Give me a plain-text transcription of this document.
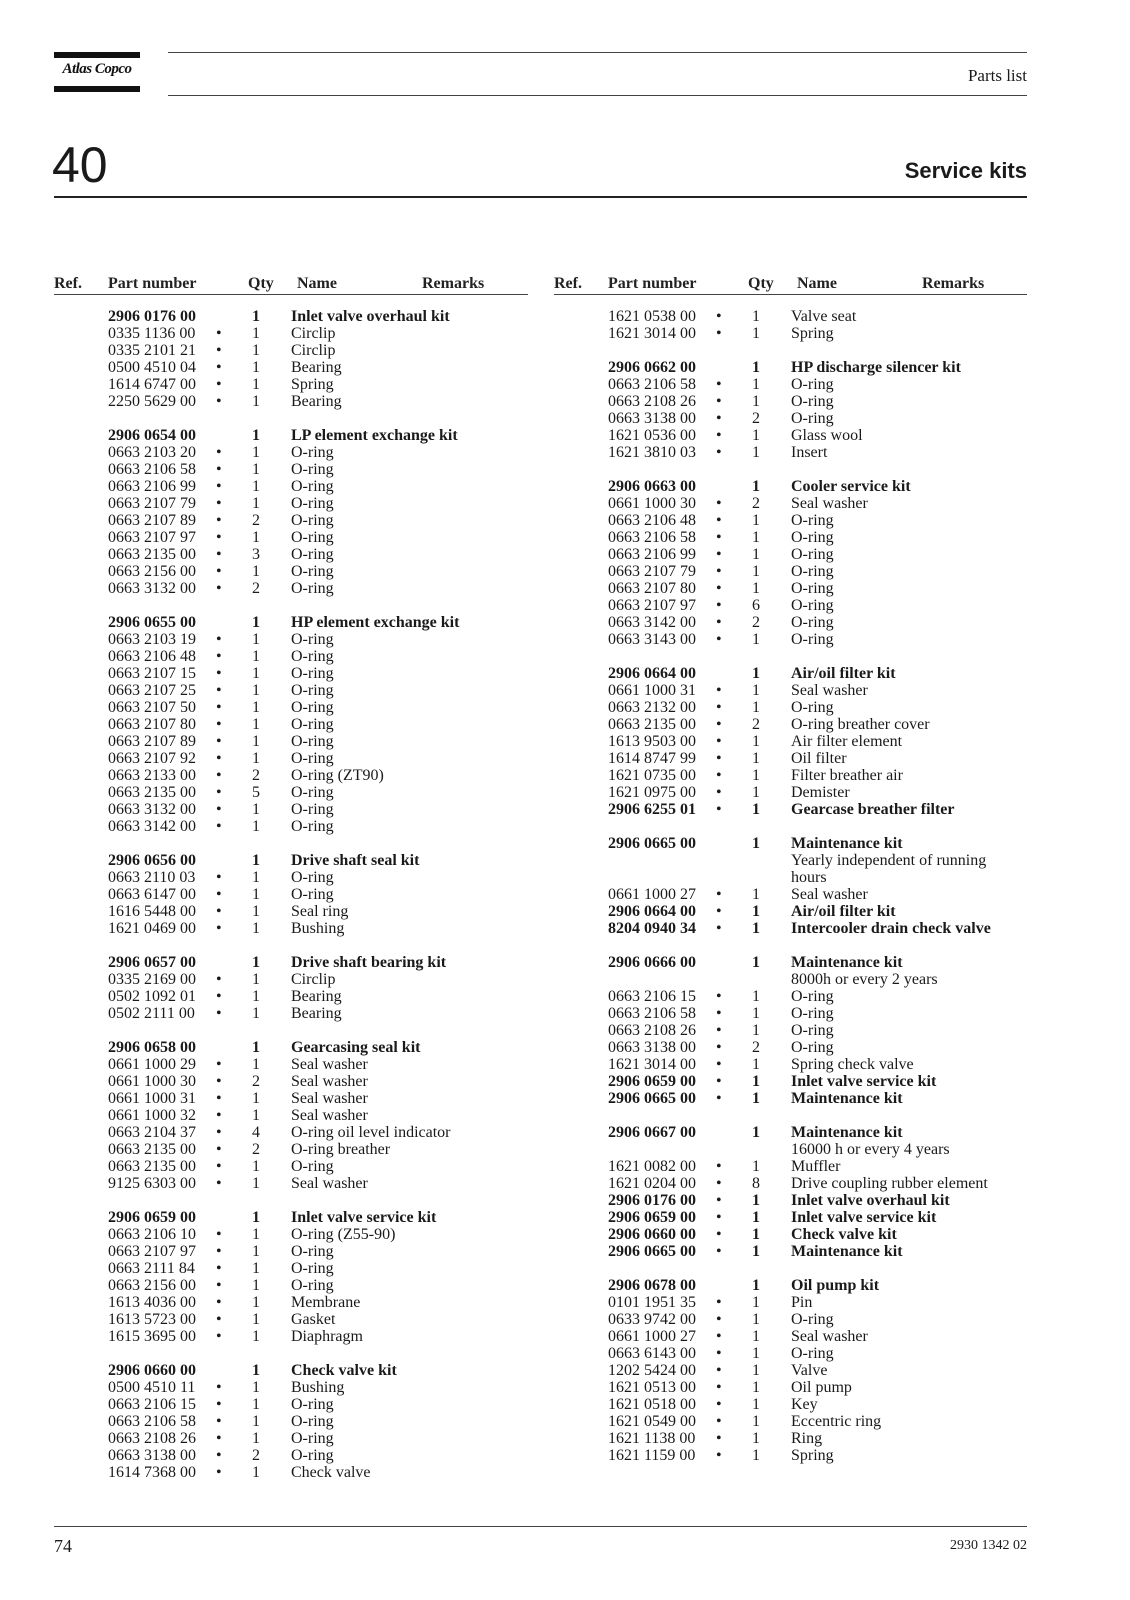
Atlas Copco	Parts list
40	Service kits
Ref. Part number	Qty Name	Remarks	Ref. Part number	Qty Name	Remarks
2906 0176 00	1 Inlet valve overhaul kit
0335 1136 00 • 1 Circlip
0335 2101 21 • 1 Circlip
0500 4510 04 • 1 Bearing
1614 6747 00 • 1 Spring
2250 5629 00 • 1 Bearing
2906 0654 00	1 LP element exchange kit
0663 2103 20 • 1 O-ring
0663 2106 58 • 1 O-ring
0663 2106 99 • 1 O-ring
0663 2107 79 • 1 O-ring
0663 2107 89 • 2 O-ring
0663 2107 97 • 1 O-ring
0663 2135 00 • 3 O-ring
0663 2156 00 • 1 O-ring
0663 3132 00 • 2 O-ring
2906 0655 00	1 HP element exchange kit
0663 2103 19 • 1 O-ring
0663 2106 48 • 1 O-ring
0663 2107 15 • 1 O-ring
0663 2107 25 • 1 O-ring
0663 2107 50 • 1 O-ring
0663 2107 80 • 1 O-ring
0663 2107 89 • 1 O-ring
0663 2107 92 • 1 O-ring
0663 2133 00 • 2 O-ring (ZT90)
0663 2135 00 • 5 O-ring
0663 3132 00 • 1 O-ring
0663 3142 00 • 1 O-ring
2906 0656 00	1 Drive shaft seal kit
0663 2110 03 • 1 O-ring
0663 6147 00 • 1 O-ring
1616 5448 00 • 1 Seal ring
1621 0469 00 • 1 Bushing
2906 0657 00	1 Drive shaft bearing kit
0335 2169 00 • 1 Circlip
0502 1092 01 • 1 Bearing
0502 2111 00 • 1 Bearing
2906 0658 00	1 Gearcasing seal kit
0661 1000 29 • 1 Seal washer
0661 1000 30 • 2 Seal washer
0661 1000 31 • 1 Seal washer
0661 1000 32 • 1 Seal washer
0663 2104 37 • 4 O-ring oil level indicator
0663 2135 00 • 2 O-ring breather
0663 2135 00 • 1 O-ring
9125 6303 00 • 1 Seal washer
2906 0659 00	1 Inlet valve service kit
0663 2106 10 • 1 O-ring (Z55-90)
0663 2107 97 • 1 O-ring
0663 2111 84 • 1 O-ring
0663 2156 00 • 1 O-ring
1613 4036 00 • 1 Membrane
1613 5723 00 • 1 Gasket
1615 3695 00 • 1 Diaphragm
2906 0660 00	1 Check valve kit
0500 4510 11 • 1 Bushing
0663 2106 15 • 1 O-ring
0663 2106 58 • 1 O-ring
0663 2108 26 • 1 O-ring
0663 3138 00 • 2 O-ring
1614 7368 00 • 1 Check valve
1621 0538 00 • 1 Valve seat
1621 3014 00 • 1 Spring
2906 0662 00	1 HP discharge silencer kit
0663 2106 58 • 1 O-ring
0663 2108 26 • 1 O-ring
0663 3138 00 • 2 O-ring
1621 0536 00 • 1 Glass wool
1621 3810 03 • 1 Insert
2906 0663 00	1 Cooler service kit
0661 1000 30 • 2 Seal washer
0663 2106 48 • 1 O-ring
0663 2106 58 • 1 O-ring
0663 2106 99 • 1 O-ring
0663 2107 79 • 1 O-ring
0663 2107 80 • 1 O-ring
0663 2107 97 • 6 O-ring
0663 3142 00 • 2 O-ring
0663 3143 00 • 1 O-ring
2906 0664 00	1 Air/oil filter kit
0661 1000 31 • 1 Seal washer
0663 2132 00 • 1 O-ring
0663 2135 00 • 2 O-ring breather cover
1613 9503 00 • 1 Air filter element
1614 8747 99 • 1 Oil filter
1621 0735 00 • 1 Filter breather air
1621 0975 00 • 1 Demister
2906 6255 01 • 1 Gearcase breather filter
2906 0665 00	1 Maintenance kit
Yearly independent of running
hours
0661 1000 27 • 1 Seal washer
2906 0664 00 • 1 Air/oil filter kit
8204 0940 34 • 1 Intercooler drain check valve
2906 0666 00	1 Maintenance kit
8000h or every 2 years
0663 2106 15 • 1 O-ring
0663 2106 58 • 1 O-ring
0663 2108 26 • 1 O-ring
0663 3138 00 • 2 O-ring
1621 3014 00 • 1 Spring check valve
2906 0659 00 • 1 Inlet valve service kit
2906 0665 00 • 1 Maintenance kit
2906 0667 00	1 Maintenance kit
16000 h or every 4 years
1621 0082 00 • 1 Muffler
1621 0204 00 • 8 Drive coupling rubber element
2906 0176 00 • 1 Inlet valve overhaul kit
2906 0659 00 • 1 Inlet valve service kit
2906 0660 00 • 1 Check valve kit
2906 0665 00 • 1 Maintenance kit
2906 0678 00	1 Oil pump kit
0101 1951 35 • 1 Pin
0633 9742 00 • 1 O-ring
0661 1000 27 • 1 Seal washer
0663 6143 00 • 1 O-ring
1202 5424 00 • 1 Valve
1621 0513 00 • 1 Oil pump
1621 0518 00 • 1 Key
1621 0549 00 • 1 Eccentric ring
1621 1138 00 • 1 Ring
1621 1159 00 • 1 Spring
74	2930 1342 02
